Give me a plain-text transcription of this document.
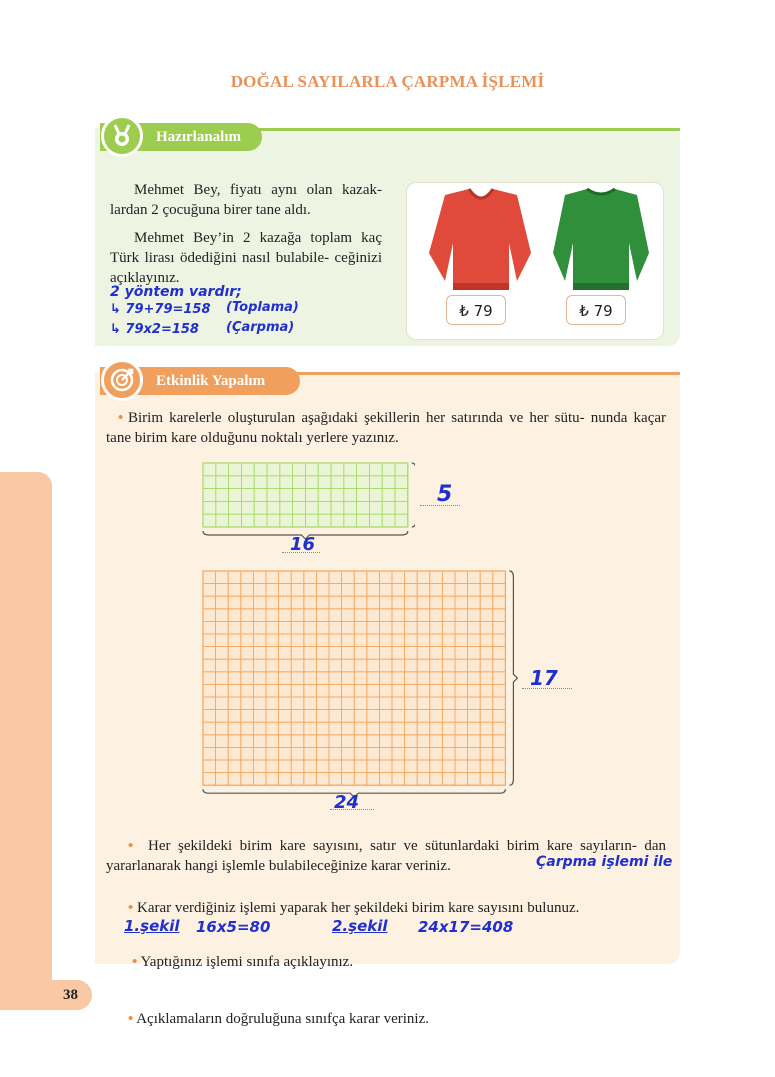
DOĞAL SAYILARLA ÇARPMA İŞLEMİ
Hazırlanalım
Mehmet Bey, fiyatı aynı olan kazak- lardan 2 çocuğuna birer tane aldı.
Mehmet Bey’in 2 kazağa toplam kaç Türk lirası ödediğini nasıl bulabile- ceğinizi açıklayınız.
2 yöntem vardır;
↳ 79+79=158 (Toplama)
↳ 79x2=158 (Çarpma)
₺ 79	₺ 79
Etkinlik Yapalım
• Birim karelerle oluşturulan aşağıdaki şekillerin her satırında ve her sütu- nunda kaçar tane birim kare olduğunu noktalı yerlere yazınız.
5
16
17
24
• Her şekildeki birim kare sayısını, satır ve sütunlardaki birim kare sayıların- dan yararlanarak hangi işlemle bulabileceğinize karar veriniz.	Çarpma işlemi ile
• Karar verdiğiniz işlemi yaparak her şekildeki birim kare sayısını bulunuz.
1.şekil 16x5=80	2.şekil 24x17=408
• Yaptığınız işlemi sınıfa açıklayınız.
38
• Açıklamaların doğruluğuna sınıfça karar veriniz.
